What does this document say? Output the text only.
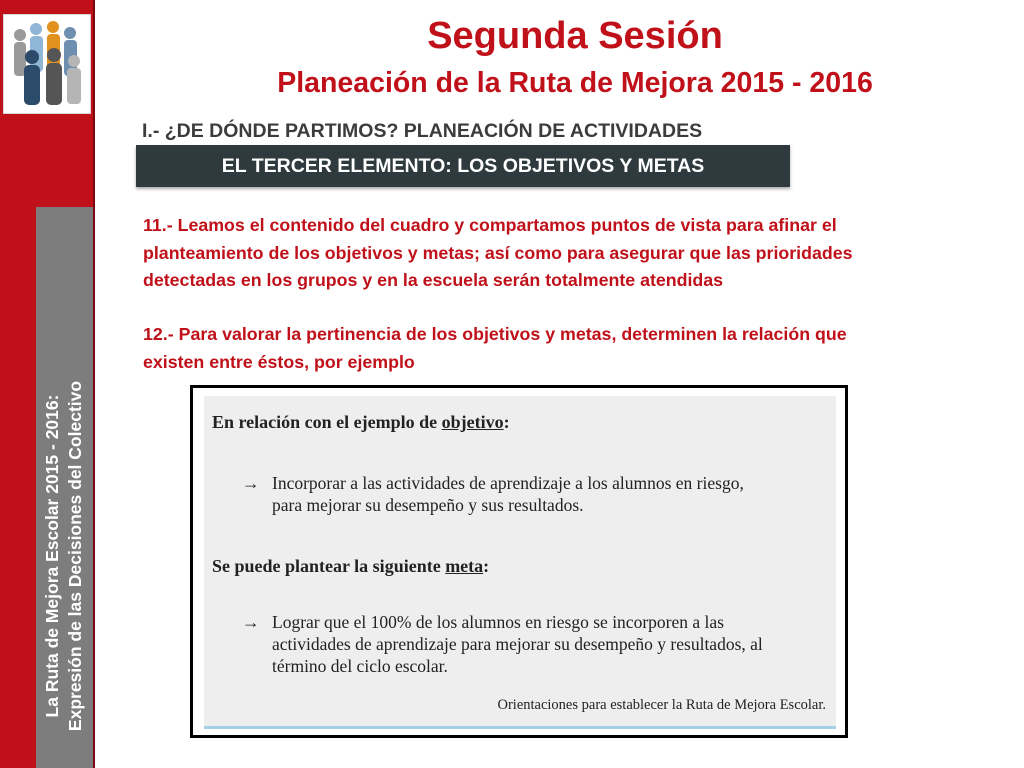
La Ruta de Mejora Escolar 2015 - 2016: Expresión de las Decisiones del Colectivo
Segunda Sesión
Planeación de la Ruta de Mejora 2015 - 2016
I.- ¿DE DÓNDE PARTIMOS? PLANEACIÓN DE ACTIVIDADES
EL TERCER ELEMENTO: LOS OBJETIVOS Y METAS
11.- Leamos el contenido del cuadro y compartamos puntos de vista para afinar el
planteamiento de los objetivos y metas; así como para asegurar que las prioridades
detectadas en los grupos y en la escuela serán totalmente atendidas
12.- Para valorar la pertinencia de los objetivos y metas, determinen la relación que
existen entre éstos, por ejemplo
En relación con el ejemplo de objetivo:
→ Incorporar a las actividades de aprendizaje a los alumnos en riesgo,
para mejorar su desempeño y sus resultados.
Se puede plantear la siguiente meta:
→ Lograr que el 100% de los alumnos en riesgo se incorporen a las
actividades de aprendizaje para mejorar su desempeño y resultados, al
término del ciclo escolar.
Orientaciones para establecer la Ruta de Mejora Escolar.
